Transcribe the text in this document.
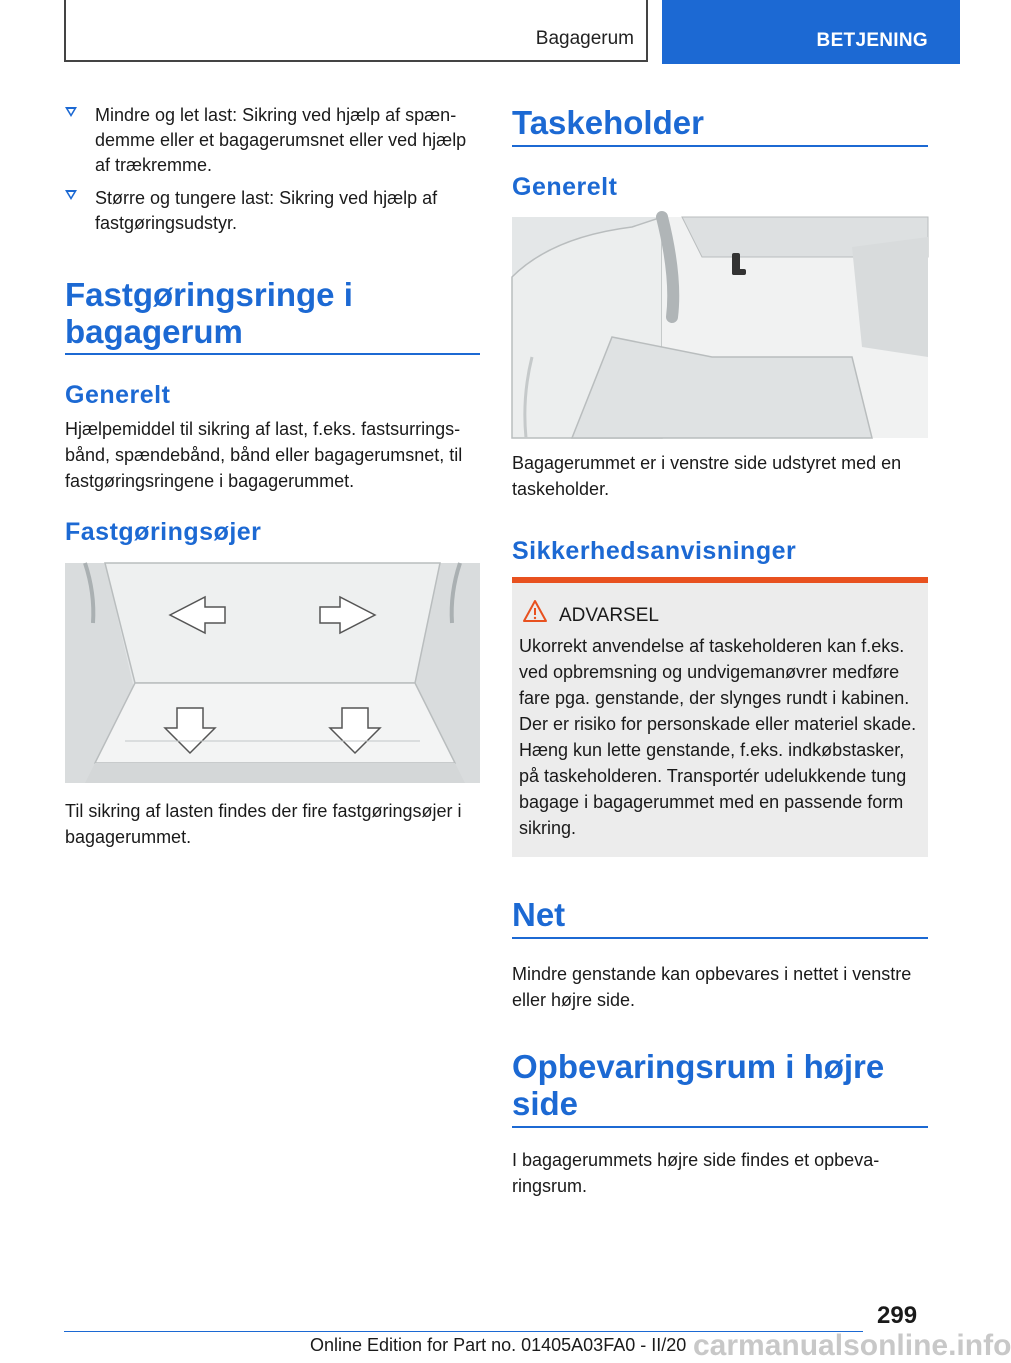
Bagagerum	BETJENING
Mindre og let last: Sikring ved hjælp af spændemme eller et bagagerumsnet eller ved hjælp af trækremme.
Større og tungere last: Sikring ved hjælp af fastgøringsudstyr.
Fastgøringsringe i bagagerum
Generelt
Hjælpemiddel til sikring af last, f.eks. fastsurringsbånd, spændebånd, bånd eller bagagerumsnet, til fastgøringsringene i bagagerummet.
Fastgøringsøjer
Til sikring af lasten findes der fire fastgøringsøjer i bagagerummet.
Taskeholder
Generelt
Bagagerummet er i venstre side udstyret med en taskeholder.
Sikkerhedsanvisninger
ADVARSEL
Ukorrekt anvendelse af taskeholderen kan f.eks. ved opbremsning og undvigemanøvrer medføre fare pga. genstande, der slynges rundt i kabinen. Der er risiko for personskade eller materiel skade. Hæng kun lette genstande, f.eks. indkøbstasker, på taskeholderen. Transportér udelukkende tung bagage i bagagerummet med en passende form sikring.
Net
Mindre genstande kan opbevares i nettet i venstre eller højre side.
Opbevaringsrum i højre side
I bagagerummets højre side findes et opbevaringsrum.
299
Online Edition for Part no. 01405A03FA0 - II/20 carmanualsonline.info
